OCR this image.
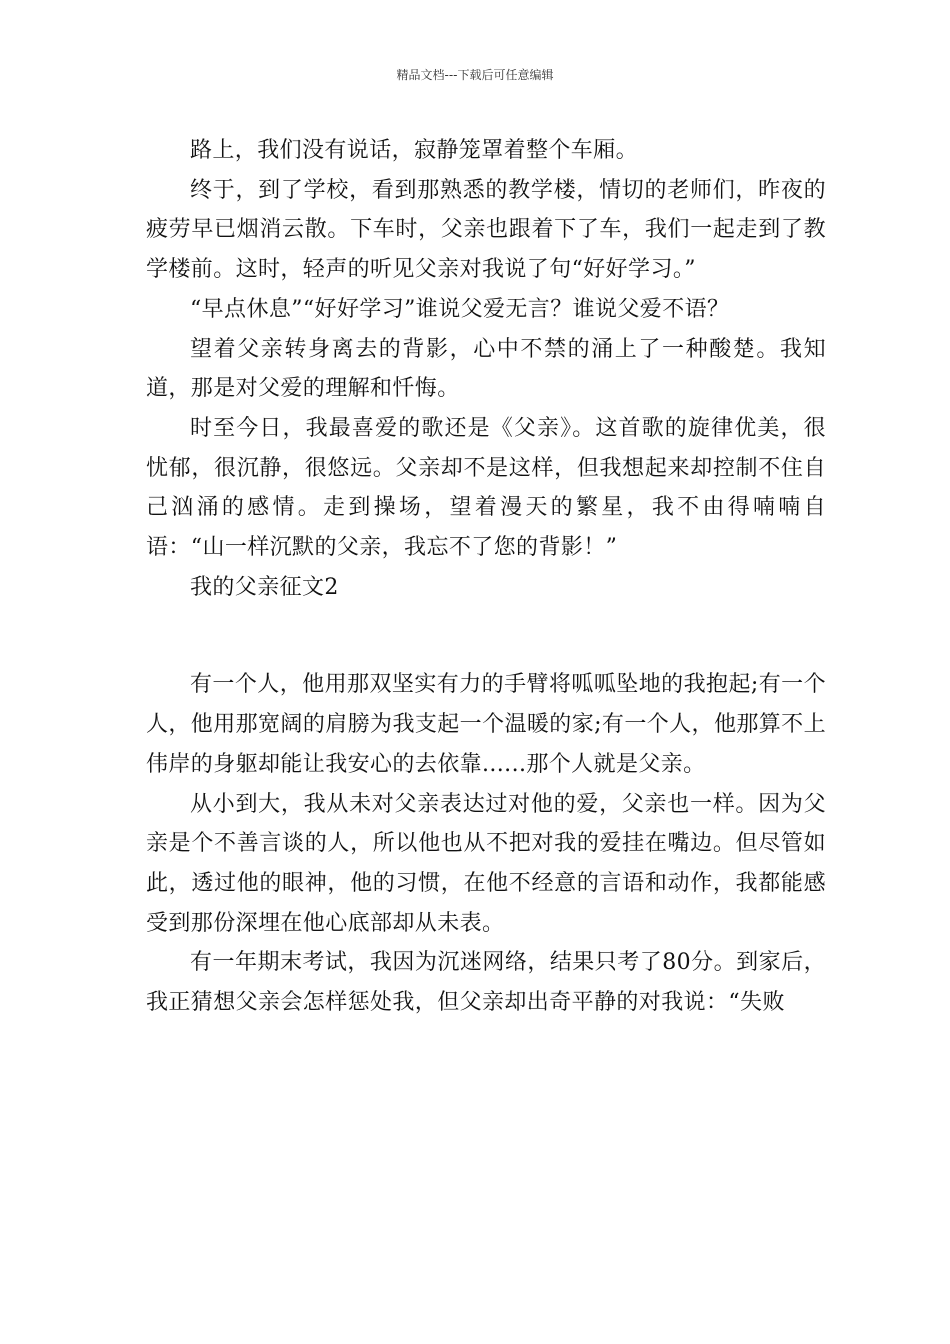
精品文档---下载后可任意编辑

路上，我们没有说话，寂静笼罩着整个车厢。

终于，到了学校，看到那熟悉的教学楼，情切的老师们，昨夜的疲劳早已烟消云散。下车时，父亲也跟着下了车，我们一起走到了教学楼前。这时，轻声的听见父亲对我说了句“好好学习。”

“早点休息”“好好学习”谁说父爱无言？谁说父爱不语？

望着父亲转身离去的背影，心中不禁的涌上了一种酸楚。我知道，那是对父爱的理解和忏悔。

时至今日，我最喜爱的歌还是《父亲》。这首歌的旋律优美，很忧郁，很沉静，很悠远。父亲却不是这样，但我想起来却控制不住自己汹涌的感情。走到操场，望着漫天的繁星，我不由得喃喃自语：“山一样沉默的父亲，我忘不了您的背影！”

我的父亲征文2

有一个人，他用那双坚实有力的手臂将呱呱坠地的我抱起;有一个人，他用那宽阔的肩膀为我支起一个温暖的家;有一个人，他那算不上伟岸的身躯却能让我安心的去依靠......那个人就是父亲。

从小到大，我从未对父亲表达过对他的爱，父亲也一样。因为父亲是个不善言谈的人，所以他也从不把对我的爱挂在嘴边。但尽管如此，透过他的眼神，他的习惯，在他不经意的言语和动作，我都能感受到那份深埋在他心底部却从未表。

有一年期末考试，我因为沉迷网络，结果只考了80分。到家后，我正猜想父亲会怎样惩处我，但父亲却出奇平静的对我说：“失败
